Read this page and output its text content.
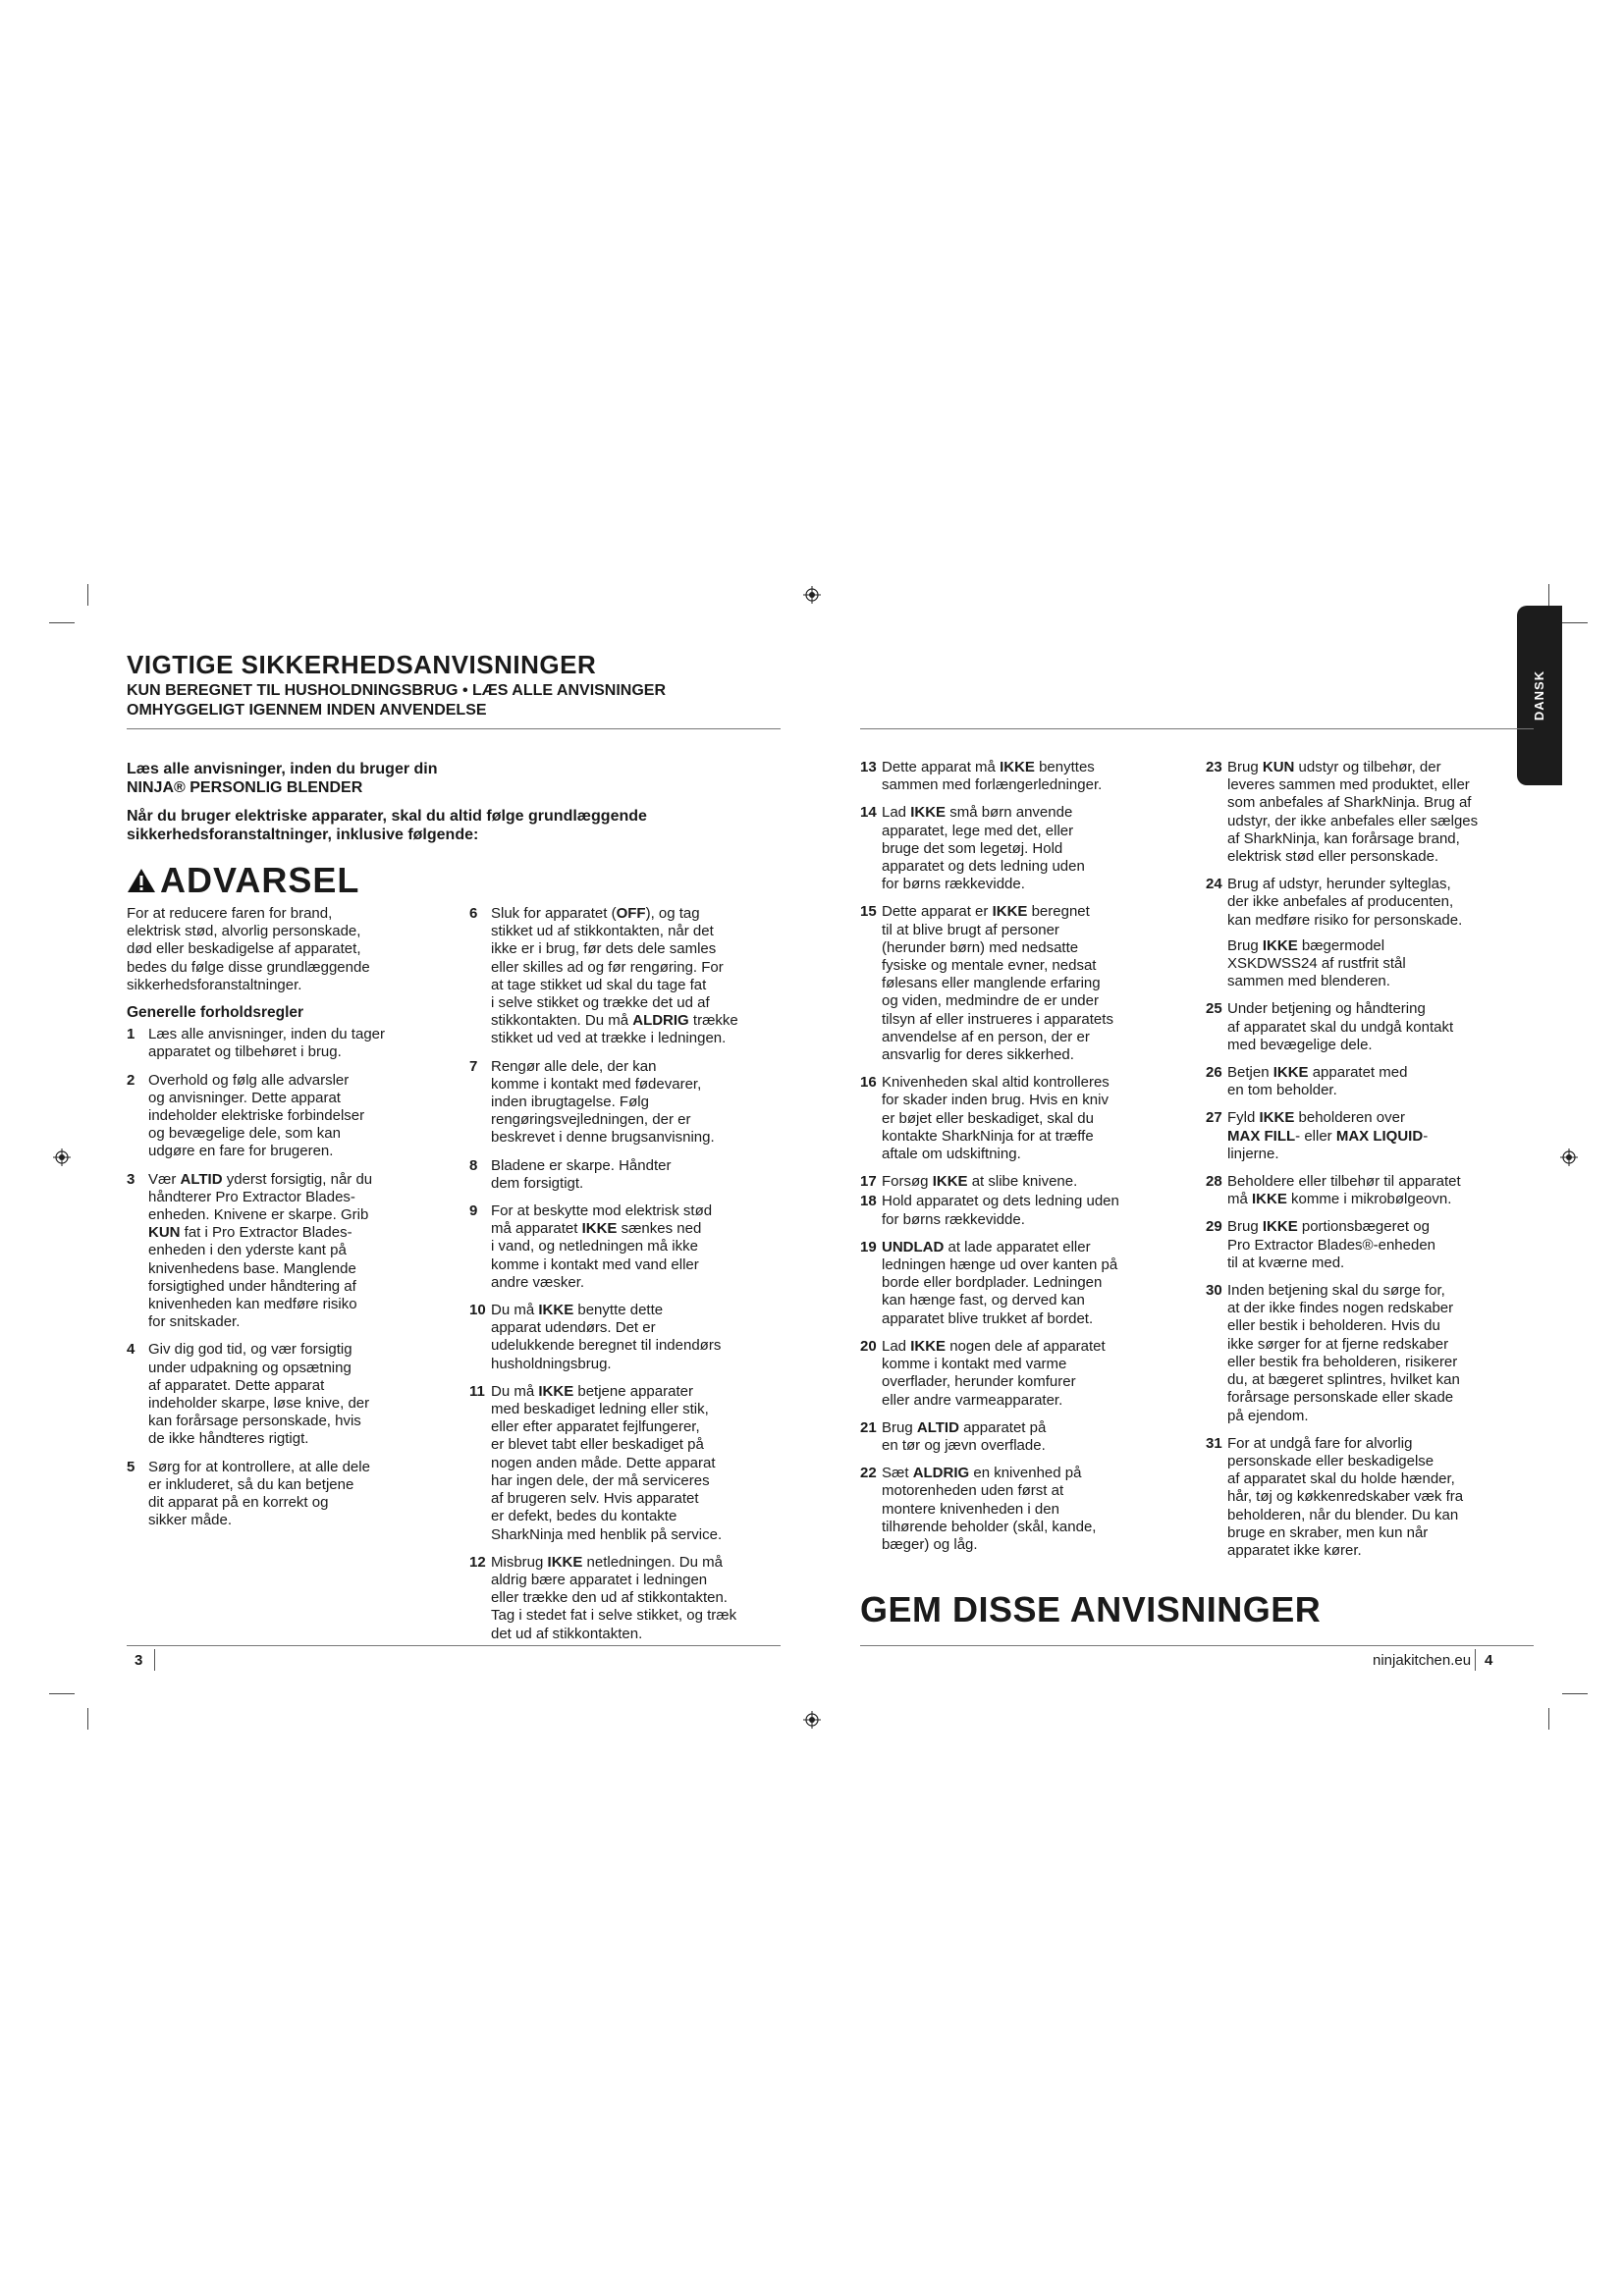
DANSK
VIGTIGE SIKKERHEDSANVISNINGER
KUN BEREGNET TIL HUSHOLDNINGSBRUG • LÆS ALLE ANVISNINGER
OMHYGGELIGT IGENNEM INDEN ANVENDELSE

Læs alle anvisninger, inden du bruger din
NINJA® PERSONLIG BLENDER

Når du bruger elektriske apparater, skal du altid følge grundlæggende
sikkerhedsforanstaltninger, inklusive følgende:

ADVARSEL
For at reducere faren for brand,
elektrisk stød, alvorlig personskade,
død eller beskadigelse af apparatet,
bedes du følge disse grundlæggende
sikkerhedsforanstaltninger.
Generelle forholdsregler
1 Læs alle anvisninger, inden du tager
apparatet og tilbehøret i brug.
2 Overhold og følg alle advarsler
og anvisninger. Dette apparat
indeholder elektriske forbindelser
og bevægelige dele, som kan
udgøre en fare for brugeren.
3 Vær ALTID yderst forsigtig, når du
håndterer Pro Extractor Blades-
enheden. Knivene er skarpe. Grib
KUN fat i Pro Extractor Blades-
enheden i den yderste kant på
knivenhedens base. Manglende
forsigtighed under håndtering af
knivenheden kan medføre risiko
for snitskader.
4 Giv dig god tid, og vær forsigtig
under udpakning og opsætning
af apparatet. Dette apparat
indeholder skarpe, løse knive, der
kan forårsage personskade, hvis
de ikke håndteres rigtigt.
5 Sørg for at kontrollere, at alle dele
er inkluderet, så du kan betjene
dit apparat på en korrekt og
sikker måde.
6 Sluk for apparatet (OFF), og tag
stikket ud af stikkontakten, når det
ikke er i brug, før dets dele samles
eller skilles ad og før rengøring. For
at tage stikket ud skal du tage fat
i selve stikket og trække det ud af
stikkontakten. Du må ALDRIG trække
stikket ud ved at trække i ledningen.
7 Rengør alle dele, der kan
komme i kontakt med fødevarer,
inden ibrugtagelse. Følg
rengøringsvejledningen, der er
beskrevet i denne brugsanvisning.
8 Bladene er skarpe. Håndter
dem forsigtigt.
9 For at beskytte mod elektrisk stød
må apparatet IKKE sænkes ned
i vand, og netledningen må ikke
komme i kontakt med vand eller
andre væsker.
10 Du må IKKE benytte dette
apparat udendørs. Det er
udelukkende beregnet til indendørs
husholdningsbrug.
11 Du må IKKE betjene apparater
med beskadiget ledning eller stik,
eller efter apparatet fejlfungerer,
er blevet tabt eller beskadiget på
nogen anden måde. Dette apparat
har ingen dele, der må serviceres
af brugeren selv. Hvis apparatet
er defekt, bedes du kontakte
SharkNinja med henblik på service.
12 Misbrug IKKE netledningen. Du må
aldrig bære apparatet i ledningen
eller trække den ud af stikkontakten.
Tag i stedet fat i selve stikket, og træk
det ud af stikkontakten.
13 Dette apparat må IKKE benyttes
sammen med forlængerledninger.
14 Lad IKKE små børn anvende
apparatet, lege med det, eller
bruge det som legetøj. Hold
apparatet og dets ledning uden
for børns rækkevidde.
15 Dette apparat er IKKE beregnet
til at blive brugt af personer
(herunder børn) med nedsatte
fysiske og mentale evner, nedsat
følesans eller manglende erfaring
og viden, medmindre de er under
tilsyn af eller instrueres i apparatets
anvendelse af en person, der er
ansvarlig for deres sikkerhed.
16 Knivenheden skal altid kontrolleres
for skader inden brug. Hvis en kniv
er bøjet eller beskadiget, skal du
kontakte SharkNinja for at træffe
aftale om udskiftning.
17 Forsøg IKKE at slibe knivene.
18 Hold apparatet og dets ledning uden
for børns rækkevidde.
19 UNDLAD at lade apparatet eller
ledningen hænge ud over kanten på
borde eller bordplader. Ledningen
kan hænge fast, og derved kan
apparatet blive trukket af bordet.
20 Lad IKKE nogen dele af apparatet
komme i kontakt med varme
overflader, herunder komfurer
eller andre varmeapparater.
21 Brug ALTID apparatet på
en tør og jævn overflade.
22 Sæt ALDRIG en knivenhed på
motorenheden uden først at
montere knivenheden i den
tilhørende beholder (skål, kande,
bæger) og låg.
23 Brug KUN udstyr og tilbehør, der
leveres sammen med produktet, eller
som anbefales af SharkNinja. Brug af
udstyr, der ikke anbefales eller sælges
af SharkNinja, kan forårsage brand,
elektrisk stød eller personskade.
24 Brug af udstyr, herunder sylteglas,
der ikke anbefales af producenten,
kan medføre risiko for personskade.
Brug IKKE bægermodel
XSKDWSS24 af rustfrit stål
sammen med blenderen.
25 Under betjening og håndtering
af apparatet skal du undgå kontakt
med bevægelige dele.
26 Betjen IKKE apparatet med
en tom beholder.
27 Fyld IKKE beholderen over
MAX FILL- eller MAX LIQUID-
linjerne.
28 Beholdere eller tilbehør til apparatet
må IKKE komme i mikrobølgeovn.
29 Brug IKKE portionsbægeret og
Pro Extractor Blades®-enheden
til at kværne med.
30 Inden betjening skal du sørge for,
at der ikke findes nogen redskaber
eller bestik i beholderen. Hvis du
ikke sørger for at fjerne redskaber
eller bestik fra beholderen, risikerer
du, at bægeret splintres, hvilket kan
forårsage personskade eller skade
på ejendom.
31 For at undgå fare for alvorlig
personskade eller beskadigelse
af apparatet skal du holde hænder,
hår, tøj og køkkenredskaber væk fra
beholderen, når du blender. Du kan
bruge en skraber, men kun når
apparatet ikke kører.
GEM DISSE ANVISNINGER
3	ninjakitchen.eu 4
